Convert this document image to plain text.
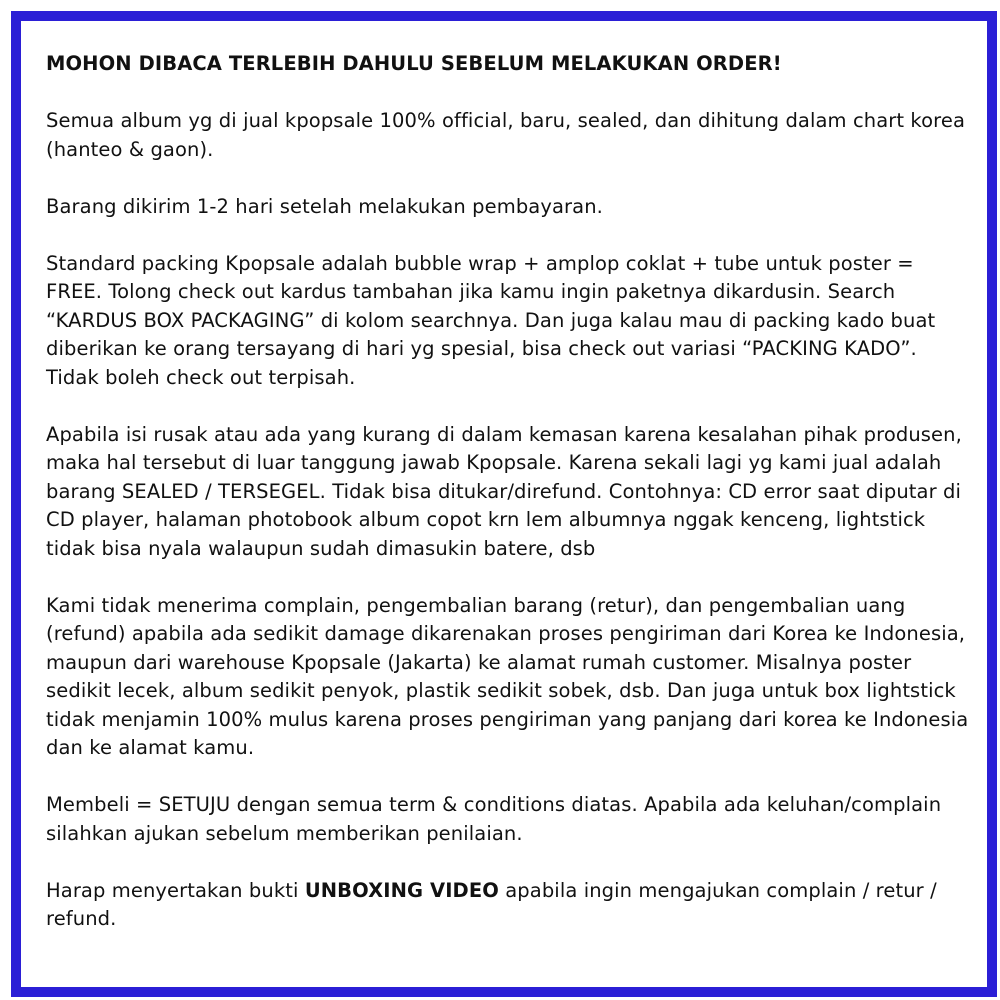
MOHON DIBACA TERLEBIH DAHULU SEBELUM MELAKUKAN ORDER!
Semua album yg di jual kpopsale 100% official, baru, sealed, dan dihitung dalam chart korea (hanteo & gaon).
Barang dikirim 1-2 hari setelah melakukan pembayaran.
Standard packing Kpopsale adalah bubble wrap + amplop coklat + tube untuk poster = FREE. Tolong check out kardus tambahan jika kamu ingin paketnya dikardusin. Search “KARDUS BOX PACKAGING” di kolom searchnya. Dan juga kalau mau di packing kado buat diberikan ke orang tersayang di hari yg spesial, bisa check out variasi “PACKING KADO”. Tidak boleh check out terpisah.
Apabila isi rusak atau ada yang kurang di dalam kemasan karena kesalahan pihak produsen, maka hal tersebut di luar tanggung jawab Kpopsale. Karena sekali lagi yg kami jual adalah barang SEALED / TERSEGEL. Tidak bisa ditukar/direfund. Contohnya: CD error saat diputar di CD player, halaman photobook album copot krn lem albumnya nggak kenceng, lightstick tidak bisa nyala walaupun sudah dimasukin batere, dsb
Kami tidak menerima complain, pengembalian barang (retur), dan pengembalian uang (refund) apabila ada sedikit damage dikarenakan proses pengiriman dari Korea ke Indonesia, maupun dari warehouse Kpopsale (Jakarta) ke alamat rumah customer. Misalnya poster sedikit lecek, album sedikit penyok, plastik sedikit sobek, dsb. Dan juga untuk box lightstick tidak menjamin 100% mulus karena proses pengiriman yang panjang dari korea ke Indonesia dan ke alamat kamu.
Membeli = SETUJU dengan semua term & conditions diatas. Apabila ada keluhan/complain silahkan ajukan sebelum memberikan penilaian.
Harap menyertakan bukti UNBOXING VIDEO apabila ingin mengajukan complain / retur / refund.
